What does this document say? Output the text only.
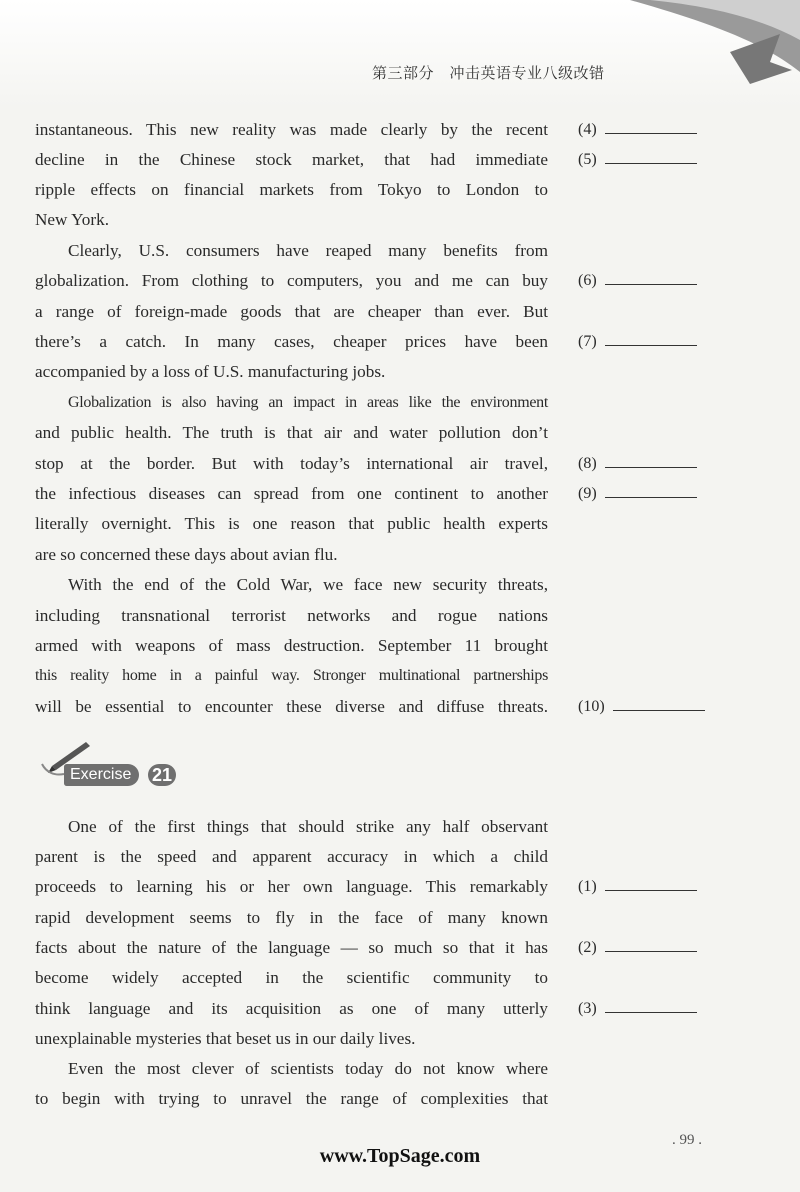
第三部分　冲击英语专业八级改错
instantaneous. This new reality was made clearly by the recent
decline in the Chinese stock market, that had immediate
ripple effects on financial markets from Tokyo to London to
New York.
Clearly, U.S. consumers have reaped many benefits from
globalization. From clothing to computers, you and me can buy
a range of foreign-made goods that are cheaper than ever. But
there’s a catch. In many cases, cheaper prices have been
accompanied by a loss of U.S. manufacturing jobs.
Globalization is also having an impact in areas like the environment
and public health. The truth is that air and water pollution don’t
stop at the border. But with today’s international air travel,
the infectious diseases can spread from one continent to another
literally overnight. This is one reason that public health experts
are so concerned these days about avian flu.
With the end of the Cold War, we face new security threats,
including transnational terrorist networks and rogue nations
armed with weapons of mass destruction. September 11 brought
this reality home in a painful way. Stronger multinational partnerships
will be essential to encounter these diverse and diffuse threats.
Exercise	21
One of the first things that should strike any half observant
parent is the speed and apparent accuracy in which a child
proceeds to learning his or her own language. This remarkably
rapid development seems to fly in the face of many known
facts about the nature of the language — so much so that it has
become widely accepted in the scientific community to
think language and its acquisition as one of many utterly
unexplainable mysteries that beset us in our daily lives.
Even the most clever of scientists today do not know where
to begin with trying to unravel the range of complexities that
(4)
(5)
(6)
(7)
(8)
(9)
(10)
(1)
(2)
(3)
. 99 .
www.TopSage.com
